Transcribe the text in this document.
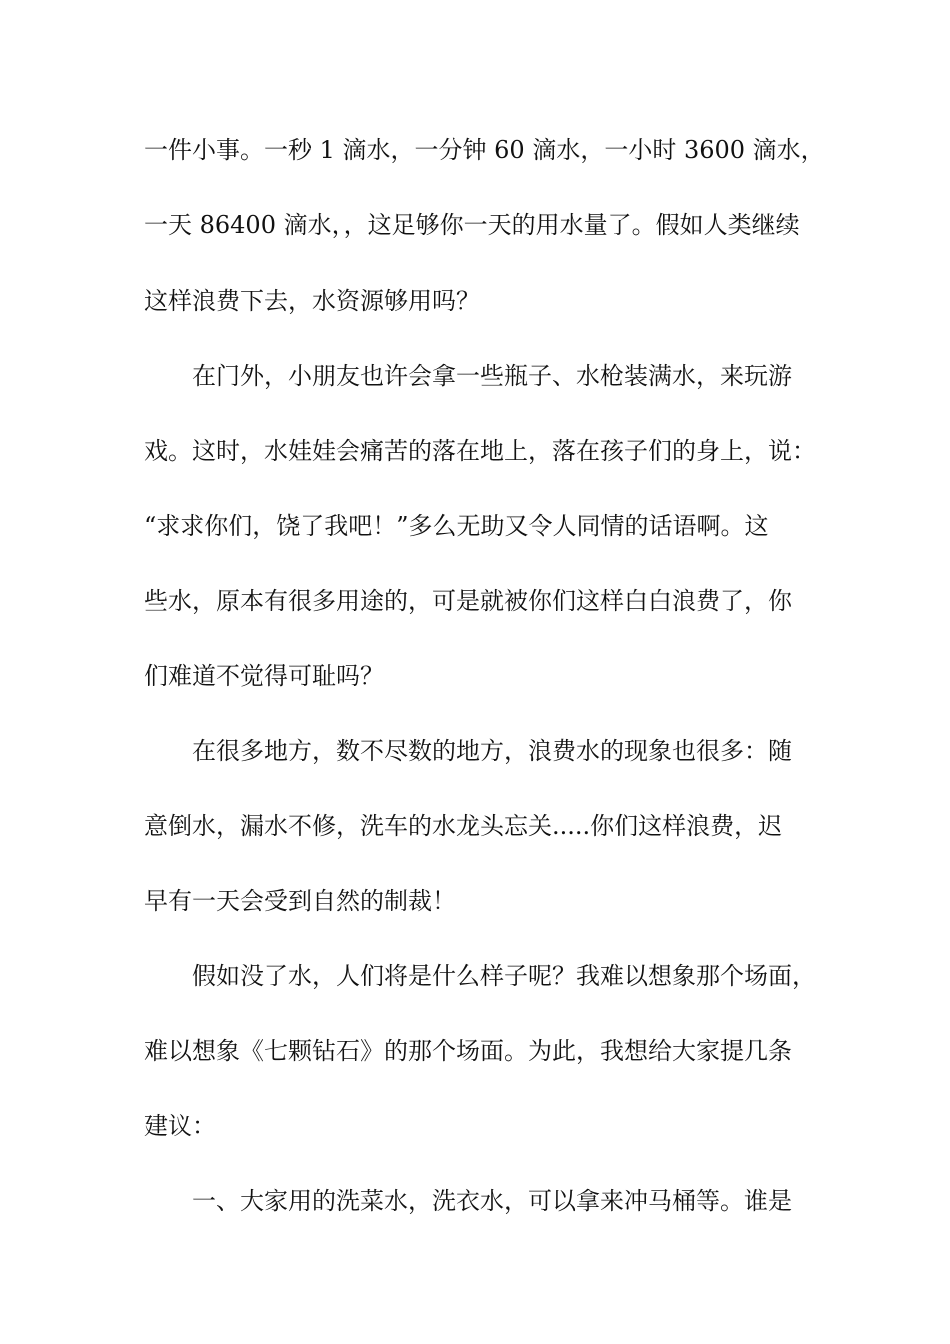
一件小事。一秒 1 滴水，一分钟 60 滴水，一小时 3600 滴水，
一天 86400 滴水，，这足够你一天的用水量了。假如人类继续
这样浪费下去，水资源够用吗？
在门外，小朋友也许会拿一些瓶子、水枪装满水，来玩游
戏。这时，水娃娃会痛苦的落在地上，落在孩子们的身上，说：
“求求你们，饶了我吧！”多么无助又令人同情的话语啊。这
些水，原本有很多用途的，可是就被你们这样白白浪费了，你
们难道不觉得可耻吗？
在很多地方，数不尽数的地方，浪费水的现象也很多：随
意倒水，漏水不修，洗车的水龙头忘关.....你们这样浪费，迟
早有一天会受到自然的制裁！
假如没了水，人们将是什么样子呢？我难以想象那个场面，
难以想象《七颗钻石》的那个场面。为此，我想给大家提几条
建议：
一、大家用的洗菜水，洗衣水，可以拿来冲马桶等。谁是
